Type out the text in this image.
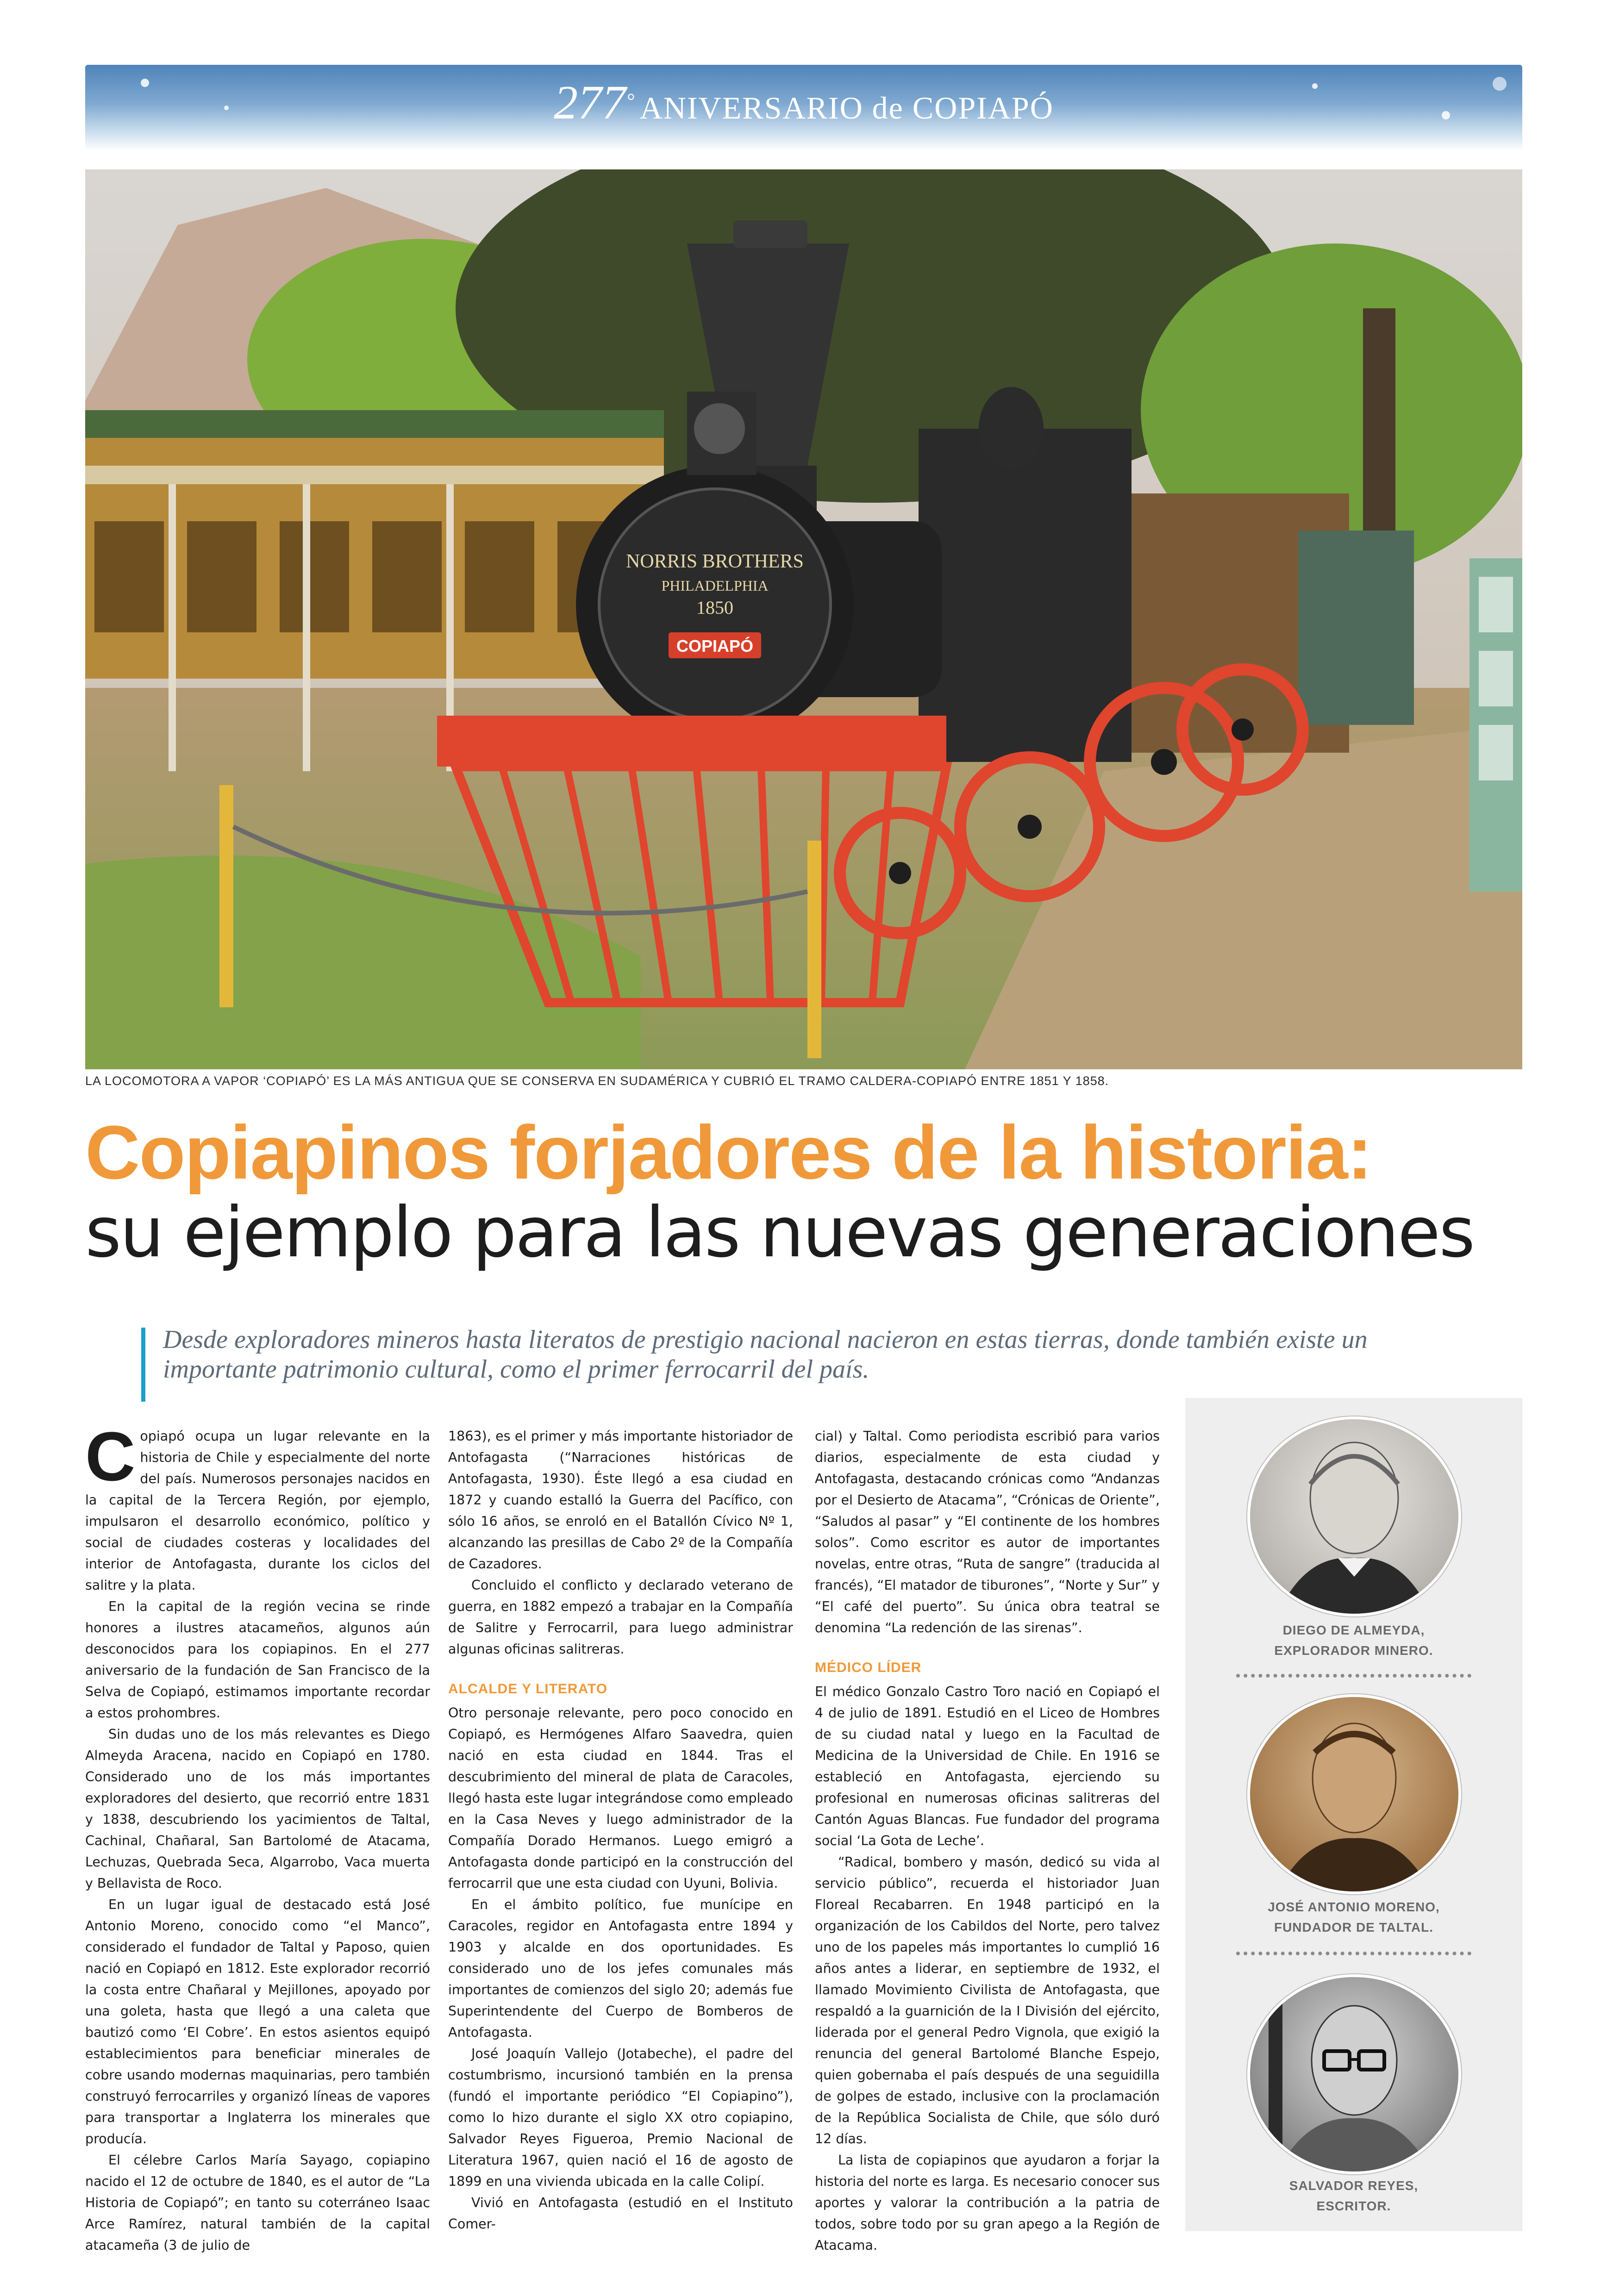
277° ANIVERSARIO de COPIAPÓ
NORRIS BROTHERS
PHILADELPHIA
1850
COPIAPÓ
LA LOCOMOTORA A VAPOR ‘COPIAPÓ’ ES LA MÁS ANTIGUA QUE SE CONSERVA EN SUDAMÉRICA Y CUBRIÓ EL TRAMO CALDERA-COPIAPÓ ENTRE 1851 Y 1858.
Copiapinos forjadores de la historia:
su ejemplo para las nuevas generaciones
Desde exploradores mineros hasta literatos de prestigio nacional nacieron en estas tierras, donde también existe un importante patrimonio cultural, como el primer ferrocarril del país.

Copiapó ocupa un lugar relevante en la historia de Chile y especialmente del norte del país. Numerosos personajes nacidos en la capital de la Tercera Región, por ejemplo, impulsaron el desarrollo económico, político y social de ciudades costeras y localidades del interior de Antofagasta, durante los ciclos del salitre y la plata.

En la capital de la región vecina se rinde honores a ilustres atacameños, algunos aún desconocidos para los copiapinos. En el 277 aniversario de la fundación de San Francisco de la Selva de Copiapó, estimamos importante recordar a estos prohombres.

Sin dudas uno de los más relevantes es Diego Almeyda Aracena, nacido en Copiapó en 1780. Considerado uno de los más importantes exploradores del desierto, que recorrió entre 1831 y 1838, descubriendo los yacimientos de Taltal, Cachinal, Chañaral, San Bartolomé de Atacama, Lechuzas, Quebrada Seca, Algarrobo, Vaca muerta y Bellavista de Roco.

En un lugar igual de destacado está José Antonio Moreno, conocido como “el Manco”, considerado el fundador de Taltal y Paposo, quien nació en Copiapó en 1812. Este explorador recorrió la costa entre Chañaral y Mejillones, apoyado por una goleta, hasta que llegó a una caleta que bautizó como ‘El Cobre’. En estos asientos equipó establecimientos para beneficiar minerales de cobre usando modernas maquinarias, pero también construyó ferrocarriles y organizó líneas de vapores para transportar a Inglaterra los minerales que producía.

El célebre Carlos María Sayago, copiapino nacido el 12 de octubre de 1840, es el autor de “La Historia de Copiapó”; en tanto su coterráneo Isaac Arce Ramírez, natural también de la capital atacameña (3 de julio de

1863), es el primer y más importante historiador de Antofagasta (“Narraciones históricas de Antofagasta, 1930). Éste llegó a esa ciudad en 1872 y cuando estalló la Guerra del Pacífico, con sólo 16 años, se enroló en el Batallón Cívico Nº 1, alcanzando las presillas de Cabo 2º de la Compañía de Cazadores.

Concluido el conflicto y declarado veterano de guerra, en 1882 empezó a trabajar en la Compañía de Salitre y Ferrocarril, para luego administrar algunas oficinas salitreras.

ALCALDE Y LITERATO

Otro personaje relevante, pero poco conocido en Copiapó, es Hermógenes Alfaro Saavedra, quien nació en esta ciudad en 1844. Tras el descubrimiento del mineral de plata de Caracoles, llegó hasta este lugar integrándose como empleado en la Casa Neves y luego administrador de la Compañía Dorado Hermanos. Luego emigró a Antofagasta donde participó en la construcción del ferrocarril que une esta ciudad con Uyuni, Bolivia.

En el ámbito político, fue munícipe en Caracoles, regidor en Antofagasta entre 1894 y 1903 y alcalde en dos oportunidades. Es considerado uno de los jefes comunales más importantes de comienzos del siglo 20; además fue Superintendente del Cuerpo de Bomberos de Antofagasta.

José Joaquín Vallejo (Jotabeche), el padre del costumbrismo, incursionó también en la prensa (fundó el importante periódico “El Copiapino”), como lo hizo durante el siglo XX otro copiapino, Salvador Reyes Figueroa, Premio Nacional de Literatura 1967, quien nació el 16 de agosto de 1899 en una vivienda ubicada en la calle Colipí.

Vivió en Antofagasta (estudió en el Instituto Comer-

cial) y Taltal. Como periodista escribió para varios diarios, especialmente de esta ciudad y Antofagasta, destacando crónicas como “Andanzas por el Desierto de Atacama”, “Crónicas de Oriente”, “Saludos al pasar” y “El continente de los hombres solos”. Como escritor es autor de importantes novelas, entre otras, “Ruta de sangre” (traducida al francés), “El matador de tiburones”, “Norte y Sur” y “El café del puerto”. Su única obra teatral se denomina “La redención de las sirenas”.

MÉDICO LÍDER

El médico Gonzalo Castro Toro nació en Copiapó el 4 de julio de 1891. Estudió en el Liceo de Hombres de su ciudad natal y luego en la Facultad de Medicina de la Universidad de Chile. En 1916 se estableció en Antofagasta, ejerciendo su profesional en numerosas oficinas salitreras del Cantón Aguas Blancas. Fue fundador del programa social ‘La Gota de Leche’.

“Radical, bombero y masón, dedicó su vida al servicio público”, recuerda el historiador Juan Floreal Recabarren. En 1948 participó en la organización de los Cabildos del Norte, pero talvez uno de los papeles más importantes lo cumplió 16 años antes a liderar, en septiembre de 1932, el llamado Movimiento Civilista de Antofagasta, que respaldó a la guarnición de la I División del ejército, liderada por el general Pedro Vignola, que exigió la renuncia del general Bartolomé Blanche Espejo, quien gobernaba el país después de una seguidilla de golpes de estado, inclusive con la proclamación de la República Socialista de Chile, que sólo duró 12 días.

La lista de copiapinos que ayudaron a forjar la historia del norte es larga. Es necesario conocer sus aportes y valorar la contribución a la patria de todos, sobre todo por su gran apego a la Región de Atacama.

DIEGO DE ALMEYDA,
EXPLORADOR MINERO.
JOSÉ ANTONIO MORENO,
FUNDADOR DE TALTAL.
SALVADOR REYES,
ESCRITOR.
